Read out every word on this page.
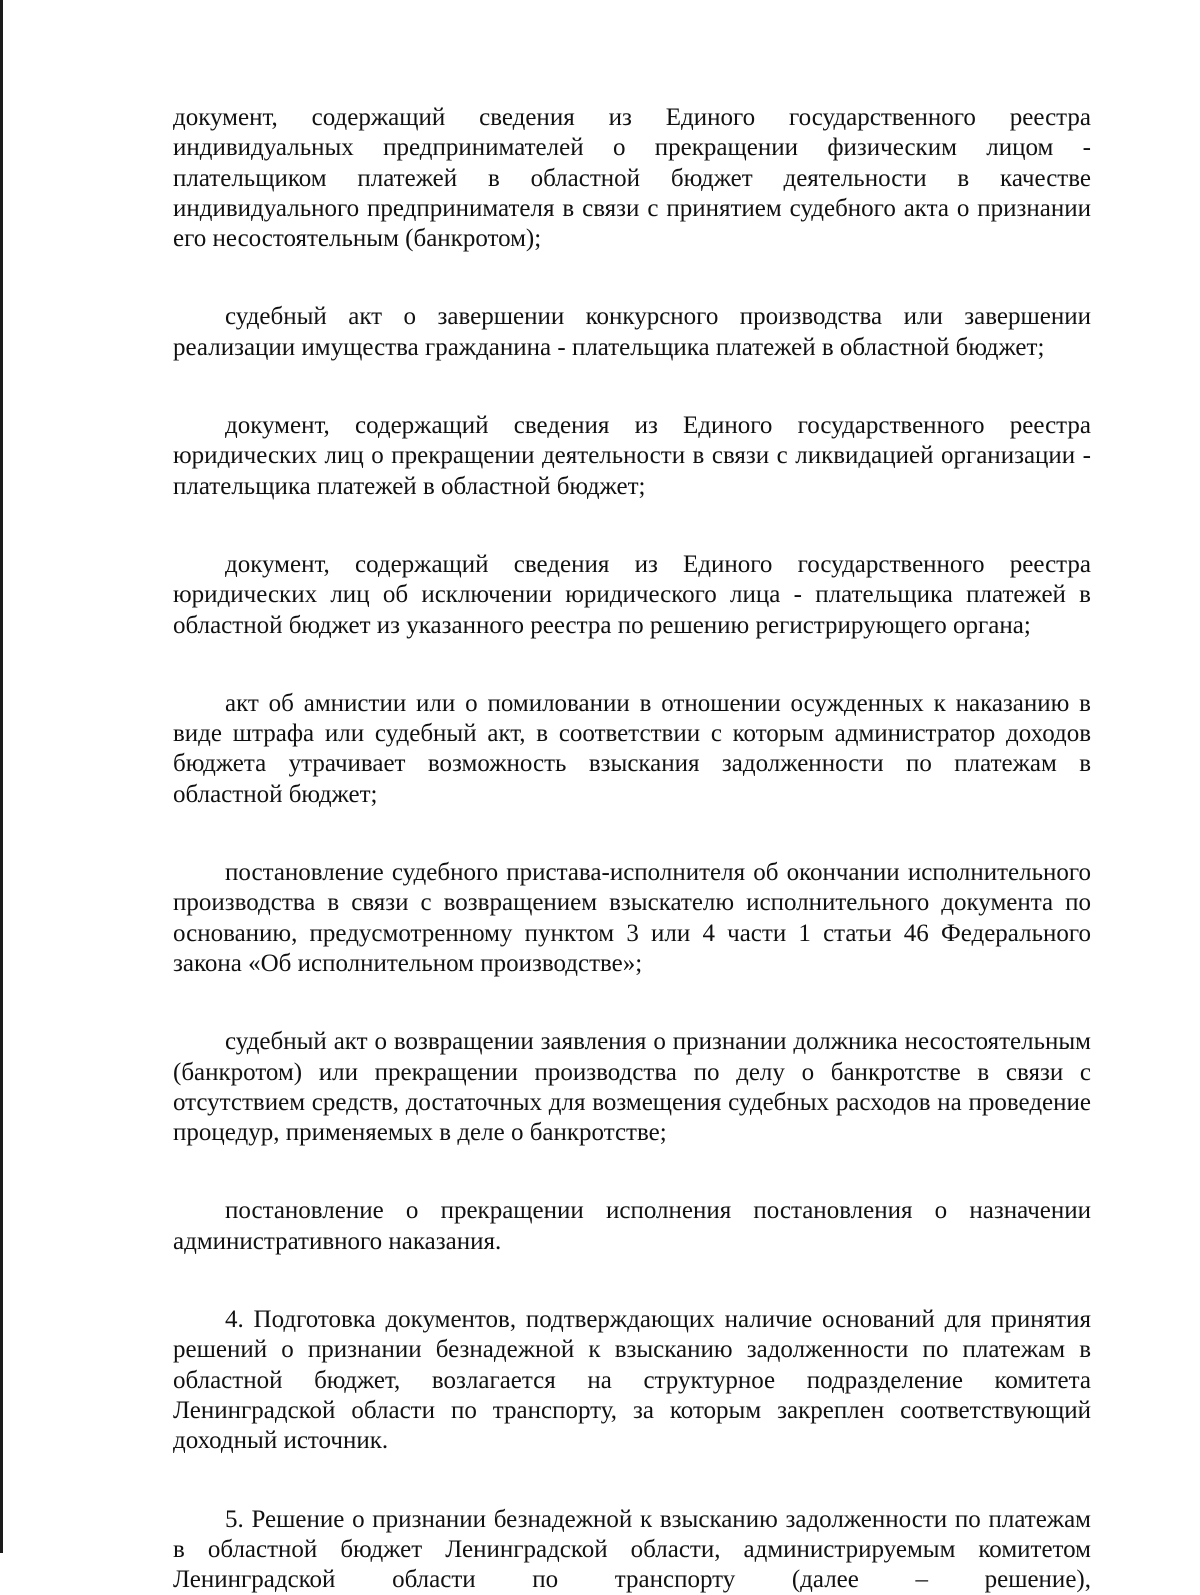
документ, содержащий сведения из Единого государственного реестра индивидуальных предпринимателей о прекращении физическим лицом - плательщиком платежей в областной бюджет деятельности в качестве индивидуального предпринимателя в связи с принятием судебного акта о признании его несостоятельным (банкротом);

судебный акт о завершении конкурсного производства или завершении реализации имущества гражданина - плательщика платежей в областной бюджет;

документ, содержащий сведения из Единого государственного реестра юридических лиц о прекращении деятельности в связи с ликвидацией организации - плательщика платежей в областной бюджет;

документ, содержащий сведения из Единого государственного реестра юридических лиц об исключении юридического лица - плательщика платежей в областной бюджет из указанного реестра по решению регистрирующего органа;

акт об амнистии или о помиловании в отношении осужденных к наказанию в виде штрафа или судебный акт, в соответствии с которым администратор доходов бюджета утрачивает возможность взыскания задолженности по платежам в областной бюджет;

постановление судебного пристава-исполнителя об окончании исполнительного производства в связи с возвращением взыскателю исполнительного документа по основанию, предусмотренному пунктом 3 или 4 части 1 статьи 46 Федерального закона «Об исполнительном производстве»;

судебный акт о возвращении заявления о признании должника несостоятельным (банкротом) или прекращении производства по делу о банкротстве в связи с отсутствием средств, достаточных для возмещения судебных расходов на проведение процедур, применяемых в деле о банкротстве;

постановление о прекращении исполнения постановления о назначении административного наказания.

4. Подготовка документов, подтверждающих наличие оснований для принятия решений о признании безнадежной к взысканию задолженности по платежам в областной бюджет, возлагается на структурное подразделение комитета Ленинградской области по транспорту, за которым закреплен соответствующий доходный источник.

5. Решение о признании безнадежной к взысканию задолженности по платежам в областной бюджет Ленинградской области, администрируемым комитетом Ленинградской области по транспорту (далее – решение),
